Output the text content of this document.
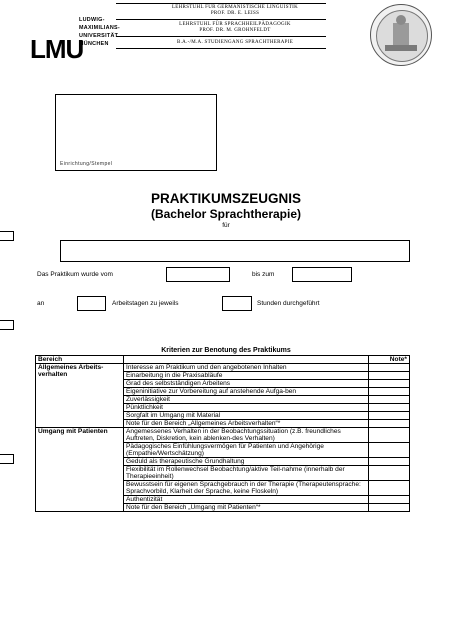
LEHRSTUHL FÜR GERMANISTISCHE LINGUISTIK
PROF. DR. E. LEISS
LEHRSTUHL FÜR SPRACHHEILPÄDAGOGIK
PROF. DR. M. GROHNFELDT
B.A.-/M.A. STUDIENGANG SPRACHTHERAPIE
LMU
LUDWIG-
MAXIMILIANS-
UNIVERSITÄT
MÜNCHEN
Einrichtung/Stempel
PRAKTIKUMSZEUGNIS
(Bachelor Sprachtherapie)
für
Das Praktikum wurde vom	bis zum
an	Arbeitstagen zu jeweils	Stunden durchgeführt
Kriterien zur Benotung des Praktikums
Bereich		Note*
Allgemeines Arbeits-verhalten	Interesse am Praktikum und den angebotenen Inhalten	
	Einarbeitung in die Praxisabläufe	
	Grad des selbstständigen Arbeitens	
	Eigeninitiative zur Vorbereitung auf anstehende Aufga-ben	
	Zuverlässigkeit	
	Pünktlichkeit	
	Sorgfalt im Umgang mit Material	
	Note für den Bereich „Allgemeines Arbeitsverhalten“*	
Umgang mit Patienten	Angemessenes Verhalten in der Beobachtungssituation (z.B. freundliches Auftreten, Diskretion, kein ablenken-des Verhalten)	
	Pädagogisches Einfühlungsvermögen für Patienten und Angehörige (Empathie/Wertschätzung)	
	Geduld als therapeutische Grundhaltung	
	Flexibilität im Rollenwechsel Beobachtung/aktive Teil-nahme (innerhalb der Therapieeinheit)	
	Bewusstsein für eigenen Sprachgebrauch in der Therapie (Therapeutensprache: Sprachvorbild, Klarheit der Sprache, keine Floskeln)	
	Authentizität	
	Note für den Bereich „Umgang mit Patienten“*	
